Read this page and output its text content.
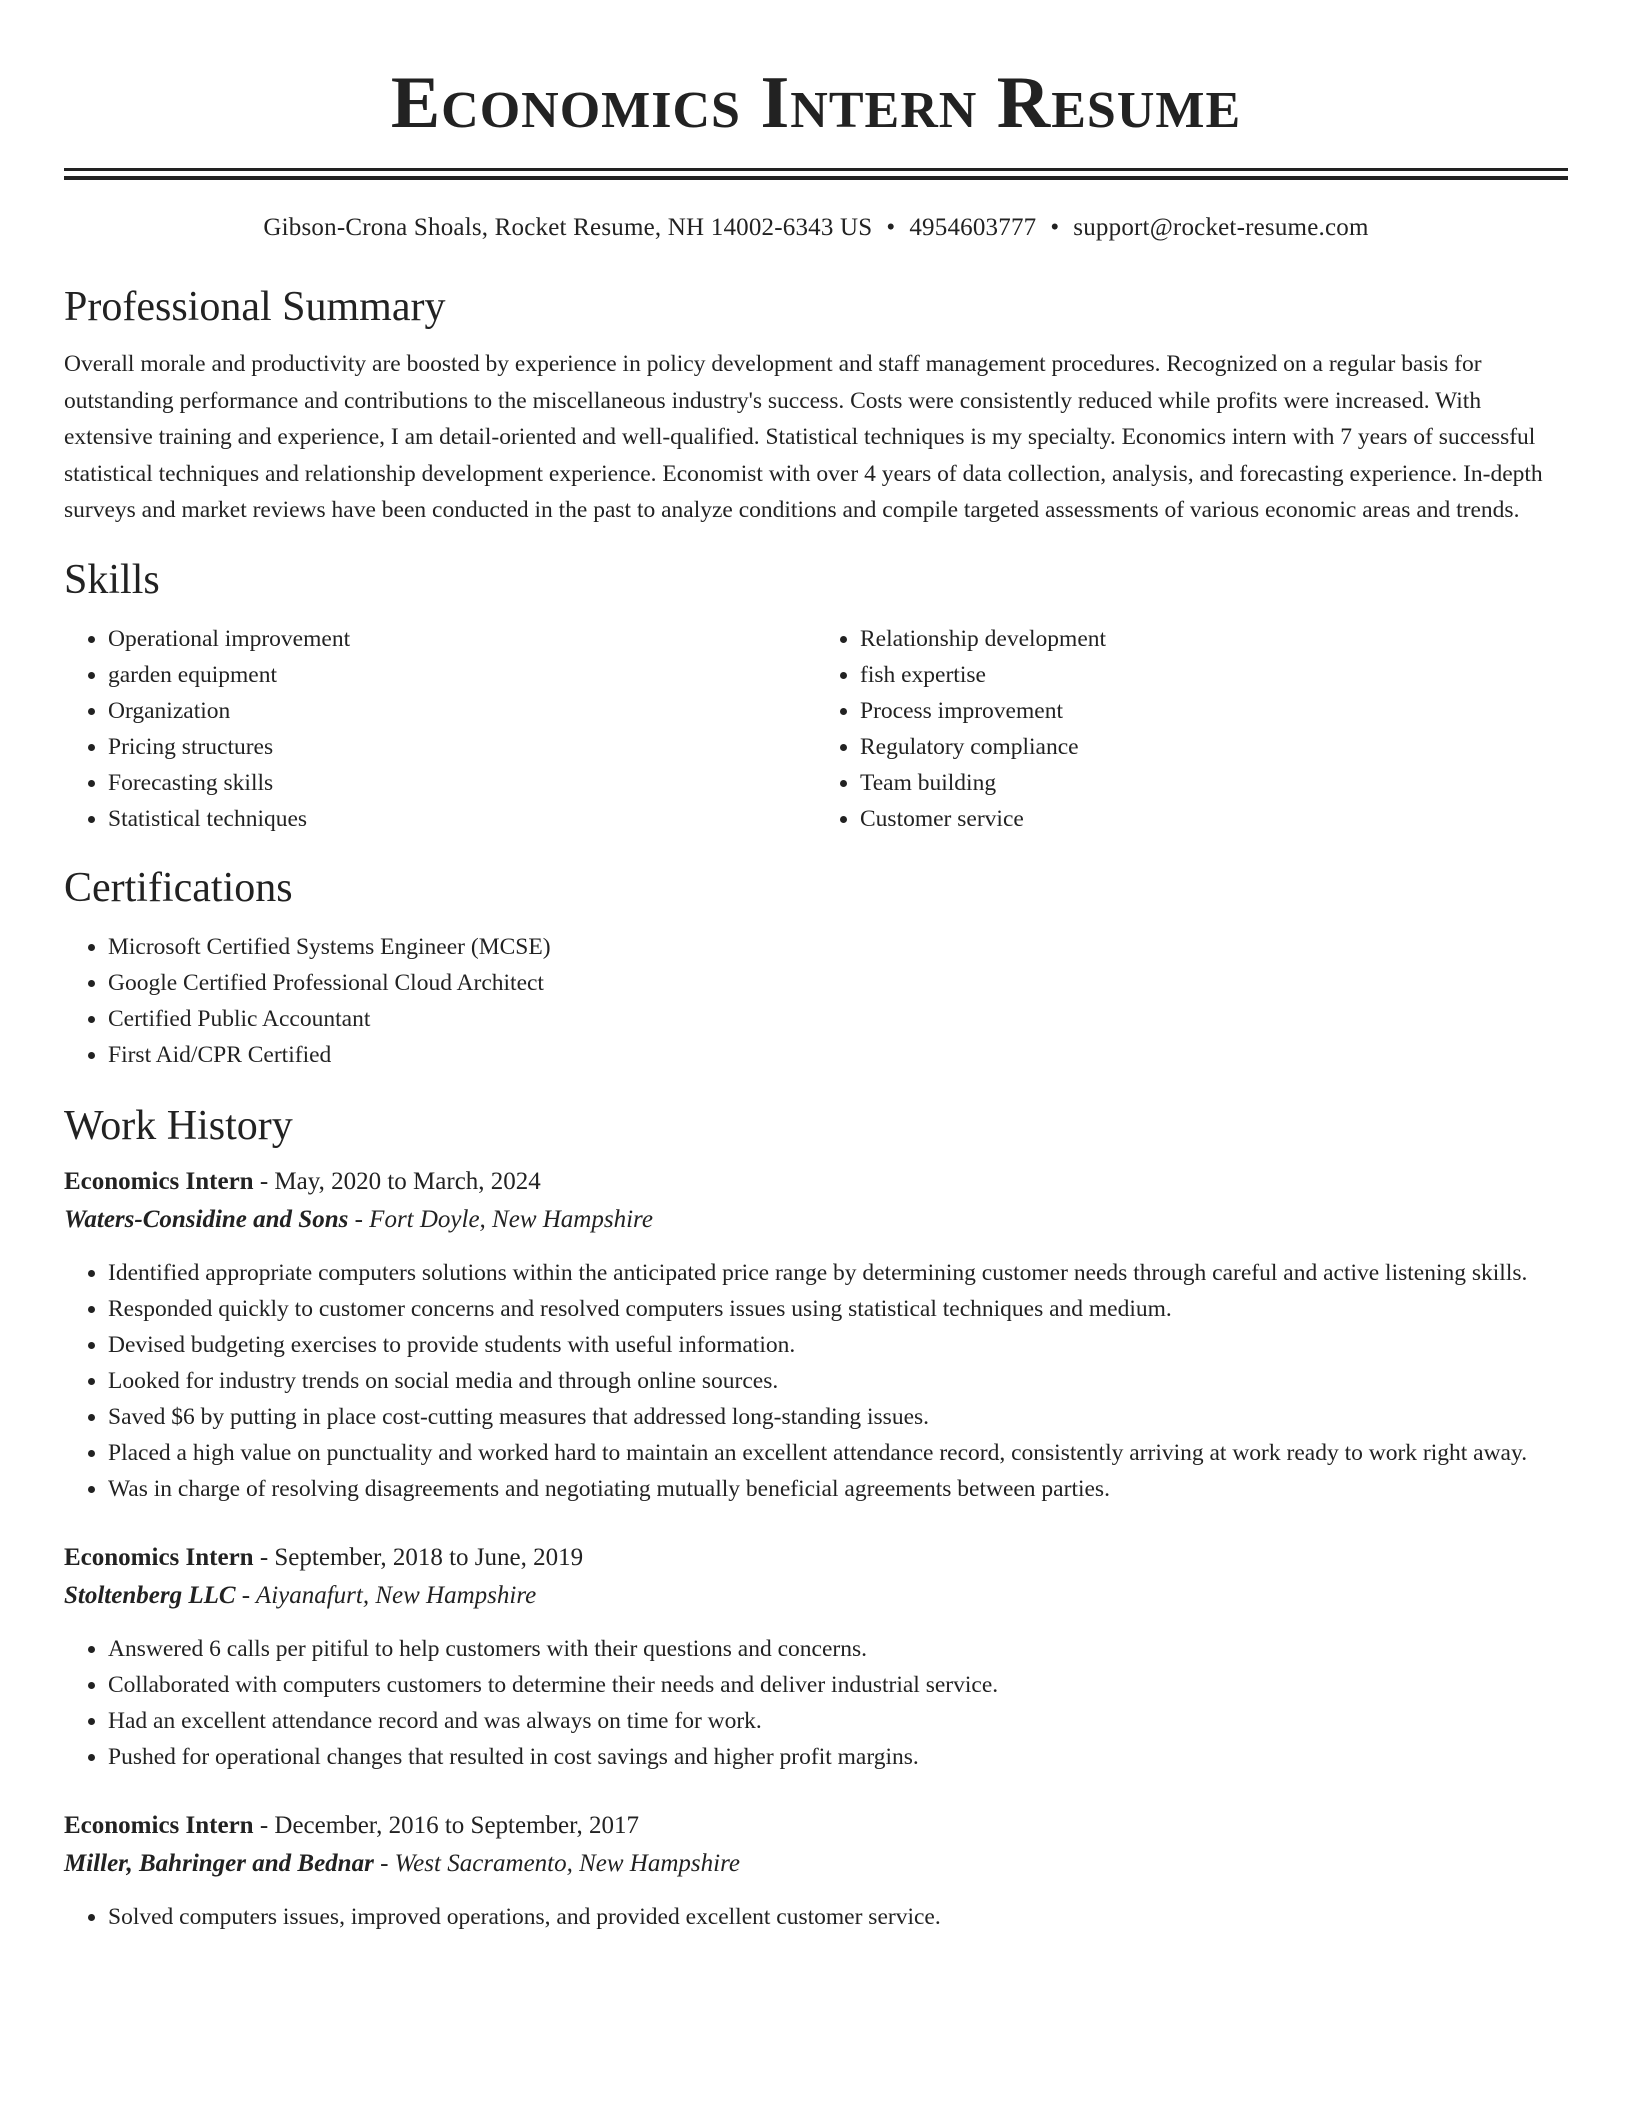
Economics Intern Resume
Gibson-Crona Shoals, Rocket Resume, NH 14002-6343 US • 4954603777 • support@rocket-resume.com
Professional Summary

Overall morale and productivity are boosted by experience in policy development and staff management procedures. Recognized on a regular basis for outstanding performance and contributions to the miscellaneous industry's success. Costs were consistently reduced while profits were increased. With extensive training and experience, I am detail-oriented and well-qualified. Statistical techniques is my specialty. Economics intern with 7 years of successful statistical techniques and relationship development experience. Economist with over 4 years of data collection, analysis, and forecasting experience. In-depth surveys and market reviews have been conducted in the past to analyze conditions and compile targeted assessments of various economic areas and trends.

Skills
• Operational improvement
• garden equipment
• Organization
• Pricing structures
• Forecasting skills
• Statistical techniques
• Relationship development
• fish expertise
• Process improvement
• Regulatory compliance
• Team building
• Customer service
Certifications
• Microsoft Certified Systems Engineer (MCSE)
• Google Certified Professional Cloud Architect
• Certified Public Accountant
• First Aid/CPR Certified
Work History
Economics Intern - May, 2020 to March, 2024
Waters-Considine and Sons - Fort Doyle, New Hampshire
• Identified appropriate computers solutions within the anticipated price range by determining customer needs through careful and active listening skills.
• Responded quickly to customer concerns and resolved computers issues using statistical techniques and medium.
• Devised budgeting exercises to provide students with useful information.
• Looked for industry trends on social media and through online sources.
• Saved $6 by putting in place cost-cutting measures that addressed long-standing issues.
• Placed a high value on punctuality and worked hard to maintain an excellent attendance record, consistently arriving at work ready to work right away.
• Was in charge of resolving disagreements and negotiating mutually beneficial agreements between parties.
Economics Intern - September, 2018 to June, 2019
Stoltenberg LLC - Aiyanafurt, New Hampshire
• Answered 6 calls per pitiful to help customers with their questions and concerns.
• Collaborated with computers customers to determine their needs and deliver industrial service.
• Had an excellent attendance record and was always on time for work.
• Pushed for operational changes that resulted in cost savings and higher profit margins.
Economics Intern - December, 2016 to September, 2017
Miller, Bahringer and Bednar - West Sacramento, New Hampshire
• Solved computers issues, improved operations, and provided excellent customer service.
